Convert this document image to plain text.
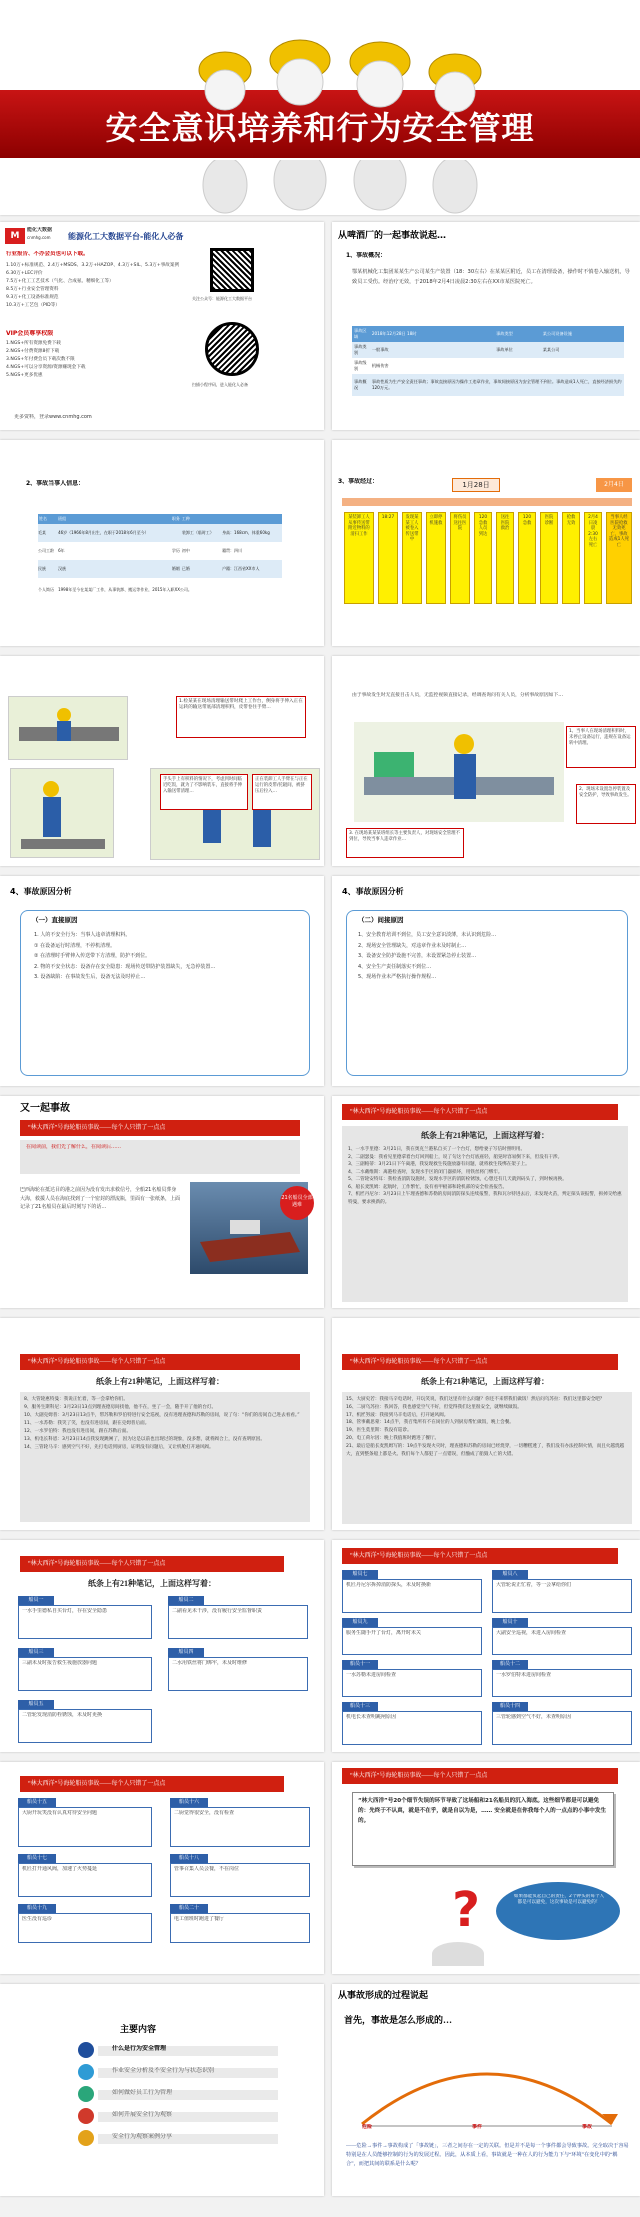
安全意识培养和行为安全管理
M
能化大数据
cnmhg.com 能源化工大数据平台-能化人必备
行业报告、不办会员也可以下载。
1.10万+标准规范、2.4万+MSDS、3.2万+HAZOP、4.3万+SIL、5.3万+事故案例
6.30万+LEC评价
7.5万+化工工艺技术（气化、合成氨、精细化工等）
8.5万+行业安全管理资料
9.3万+化工设备标准规范
10.3万+工艺包（PID等）
VIP会员尊享权限
1.NGS+所有资源免费下载
2.NGS+付费资源8折下载
3.NGS+年付费会员下载次数不限
4.NGS+可以分享资源/资源赚现金下载
5.NGS+更多优惠
更多资料，登录www.cnmhg.com
关注公众号：能源化工大数据平台
扫描小程序码，进入能化人必备
从啤酒厂的一起事故说起…
1、事故概况：
鄂某机械化工集团某某生产公司某生产装置（18：30左右）在某某区附近，员工在清理设备，操作时不慎卷入输送机，导致员工受伤。经治疗无效，于2018年2月4日凌晨2:30左右在XX市某医院死亡。
事故区域	2018年12月28日 18时	事故类型	某公司设备设施
事故类别	一般事故	事故单位	某某公司
事故级别	机械伤害		
事故概况	事故性质为生产安全责任事故；事故直接原因为操作工违章作业，事故间接原因为安全管理不到位。事故造成1人死亡，直接经济损失约120万元。		
2、事故当事人信息：
姓名	班组	职务	工种	
毛某	46岁（1966年8月出生，在职于2018年6月至今）		装卸工（临时工）	身高：168cm，体重60kg
公司工龄	6年	学历	初中	籍贯：四川
民族	汉族	婚姻	已婚	户籍：江西省XX市人
个人简历	1998年至今在某某厂工作，从事装卸、搬运等作业，2015年入职XX公司。			
3、事故经过：	1月28日	2月4日
某装卸工人从事传送带附近物料的清扫工作
18:27	发现某某工人被卷入传送带中
立即停机施救
将伤员送往医院
120急救人员到达
送往医院救治
120急救
医院诊断
抢救无效
2月4日凌晨2:30左右死亡
当事人经医院抢救无效死亡，事故造成1人死亡
1.检某某在现场清理输送带时爬上工作台，侧身将手伸入正在运转的输送带底部清理积料，皮带卷住手臂…
手头手上有积料的情况下，考虑到时间临近吃饭，就为了不影响装车，直接将手伸入输送带清理…
正在装卸工人手臂在与正在运行的皮带/托辊间，被挤压后拉入…
由于事故发生时无直接目击人员，无监控视频直接记录，经调查询问有关人员，分析事故原因如下…
1、当事人在现场清理积料时，未停止设备运行，违规在设备运转中清理。
2、现场未设置急停装置及安全防护，导致事故发生。
3. 在现场某某某班组长等主要负责人，对现场安全管理不到位，导致当事人违章作业…
4、事故原因分析
（一）直接原因
1. 人的不安全行为：当事人违章清理积料。
① 在设备运行时清理，不停机清理。
② 在清理时手臂伸入传送带下方清理，防护不到位。
2. 物的不安全状态：设备存在安全隐患：现场传送带防护装置缺失，无急停装置…
3. 设备缺陷：在事故发生后，设备无法及时停止…
4、事故原因分析
（二）间接原因
1、安全教育培训不到位，员工安全意识淡薄，未认识到危险…
2、现场安全管理缺失，对违章作业未及时制止…
3、设备安全防护设施不完善，未设置紧急停止装置…
4、安全生产责任制落实不到位…
5、现场作业未严格执行操作规程…
又一起事故
“林大西洋”号海轮船员事故——每个人只错了一点点
在阅读前，我们先了解什么，在阅读后……
巴西海轮在抵达目的港之前因为没有发出求救信号，全船21名船员葬身大海，救援人员在海底找到了一个密封的漂流瓶，里面有一张纸条，上面记录了21名船员在最后时刻写下的话…
21名船员全部遇难
“林大西洋”号海轮船员事故——每个人只错了一点点
纸条上有21种笔记，上面这样写着：
1、一水手里德：3月21日，我在奥克兰港私自买了一个台灯，想给妻子写信时照明用。
2、二副瑟曼：我看见里德拿着台灯回到船上，说了句这个台灯底座轻，船晃时容易倒下来，但没有干涉。
3、三副帕蒂：3月21日下午离港，我发现救生筏施放器有问题，就将救生筏绑在架子上。
4、二水戴维斯：离港检查时，发现水手区的闭门器损坏，用铁丝将门绑牢。
5、二管轮安特耳：我检查消防设施时，发现水手区的消防栓锈蚀，心想还有几天就到码头了，到时候再换。
6、船长麦凯姆：起航时，工作繁忙，没有看甲板部和轮机部的安全检查报告。
7、机匠丹尼尔：3月23日上午理查德和苏勒的房间消防探头连续报警，我和瓦尔特进去后，未发现火苗，判定探头误报警，拆掉交给惠特曼，要求换新的。
“林大西洋”号海轮船员事故——每个人只错了一点点
纸条上有21种笔记，上面这样写着：
8、大管轮惠特曼：我说正忙着，等一会拿给你们。
9、服务生斯科尼：3月23日13点到理查德房间找他，他不在，坐了一会，随手开了他的台灯。
10、大副克姆普：3月23日13点半，带苏勒和罗伯特进行安全巡视，没有进理查德和苏勒的房间，说了句：“你们的房间自己进去看看。”
11、一水苏勒：我笑了笑，也没有进房间，跟在克姆普后面。
12、一水罗伯特：我也没有进房间，跟在苏勒后面。
13、机电长科恩：3月23日14点我发现跳闸了，因为这是以前也出现过的现象，没多想，就将阀合上，没有查明原因。
14、三管轮马辛：感到空气不好，先打电话到厨房，证明没有问题后，又让机舱打开通风阀。
“林大西洋”号海轮船员事故——每个人只错了一点点
纸条上有21种笔记，上面这样写着：
15、大厨史若：我接马辛电话时，开玩笑说，我们这里有什么问题？你还不来帮我们做饭！然后问乌苏拉：我们这里都安全吧？
16、二厨乌苏拉：我回答，我也感觉空气不好，但觉得我们这里很安全，就继续做饭。
17、机匠努波：我接到马辛电话后，打开通风阀。
18、管事戴思蒙：14点半，我召集所有不在岗位的人到厨房帮忙做饭，晚上会餐。
19、医生莫里斯：我没有巡诊。
20、电工荷尔因：晚上我值班时跑进了餐厅。
21、最后是船长麦凯姆写的：19点半发现火灾时，理查德和苏勒的房间已经烧穿，一切糟糕透了，我们没有办法控制火情，而且火越烧越大，直到整条船上都是火。我们每个人都犯了一点错误，但酿成了船毁人亡的大错。
“林大西洋”号海轮船员事故——每个人只错了一点点
纸条上有21种笔记，上面这样写着：
船员一
一水手里德私自买台灯，存在安全隐患
船员二
二副看见未干涉，没有履行安全监督职责
船员三
三副未及时报告救生筏施放器问题
船员四
二水用铁丝将门绑牢，未及时维修
船员五
二管轮发现消防栓锈蚀，未及时更换
“林大西洋”号海轮船员事故——每个人只错了一点点
船员七
机匠丹尼尔拆掉消防探头，未及时换新
船员八
大管轮说正忙着，等一会拿给你们
船员九
服务生随手开了台灯，离开时未关
船员十
大副安全巡视，未进入房间检查
船员十一
一水苏勒未进房间检查
船员十二
一水罗伯特未进房间检查
船员十三
机电长未查明跳闸原因
船员十四
三管轮感到空气不好，未查明原因
“林大西洋”号海轮船员事故——每个人只错了一点点
船员十五
大厨开玩笑没有认真对待安全问题
船员十六
二厨觉得很安全，没有检查
船员十七
机匠打开通风阀，加速了火势蔓延
船员十八
管事召集人员会餐，不在岗位
船员十九
医生没有巡诊
船员二十
电工值班时跑进了餐厅
“林大西洋”号海轮船员事故——每个人只错了一点点
“林大西洋”号20个细节失误的环节导致了这场船和21名船员的沉入海底。这些细节都是可以避免的：先终于不认真，就是不在乎，就是自以为是，…… 安全就是在你我每个人的一点点的小事中发生的。
如果都能负起自己的责任，2个钟头的每个人都是可以避免，这次事故是可以避免的！
?
主要内容
什么是行为安全管理
作业安全分析及不安全行为与状态识别
如何做好员工行为管理
如何开展安全行为观察
安全行为观察案例分享
从事故形成的过程说起
首先，事故是怎么形成的…
危险	事件	事故
——危险→事件→事故构成了「事故链」，三者之间存在一定的关联。但是并不是每一个事件都会导致事故。完全取决于容易特别是在人员能够控制的行为的发展过程。因此，从本质上看，事故就是一种在人的行为能力下与“环境”在变化中的“耦合”，而把其间的联系是什么呢？
